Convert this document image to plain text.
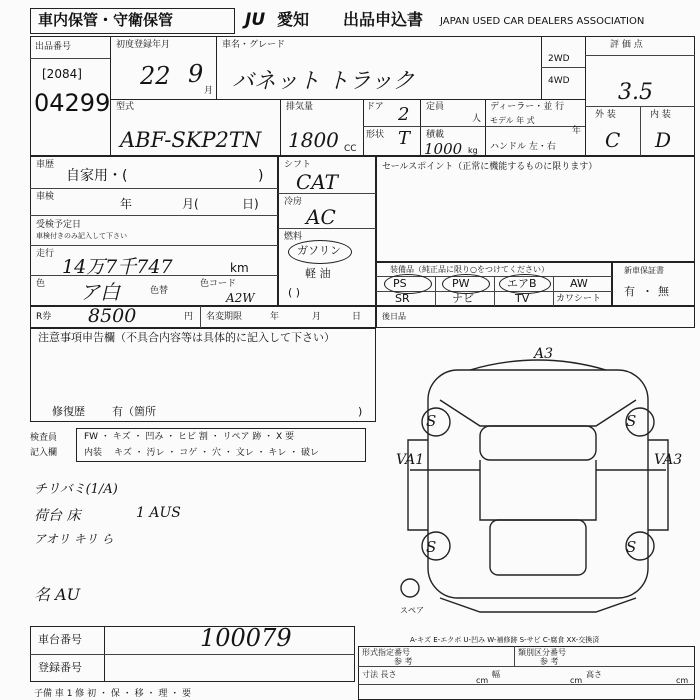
車内保管・守衛保管	JU 愛知 出品申込書 JAPAN USED CAR DEALERS ASSOCIATION
出品番号
[2084]
04299
初度登録年月
22 9
月
車名・グレード
バネット トラック
2WD
4WD
評 価 点
3.5
外 装	内 装
C D
型式
ABF-SKP2TN
排気量
1800 CC
ドア 2
形状 T
定員
人
積載
1000 kg
ディーラー・並 行
モデル 年 式
年
ハンドル 左・右
車歴
自家用・(	)
車検	年	月(	日)
受検予定日
車検付きのみ記入して下さい
走行
14万7千747	km
色 ア白	色替
色コード
A2W
シフト
CAT
冷房
AC
燃料
ガソリン
軽 油
( )
セールスポイント（正常に機能するものに限ります）
装備品（純正品に限り○をつけてください）
PS	PW	エアB	AW
SR	ナビ	TV	カワシート
新車保証書
有 ・ 無
R券 8500	円 名変期限	年	月	日	後日品
注意事項申告欄（不具合内容等は具体的に記入して下さい）
修復歴 有（箇所	)
検査員
記入欄
FW ・ キズ ・ 凹み ・ ヒビ 割 ・ リペア 跡 ・ X 要
内装 キズ ・ 汚レ ・ コゲ ・ 穴 ・ 文レ ・ キレ ・ 破レ
チリバミ(1/A)
荷台 床	1 AUS
アオリ キリ ら
名 AU
A3
VA1	VA3
S	S
S	S
スペア
A-キズ E-エクボ U-凹み W-補修跡 S-サビ C-腐食 XX-交換済
形式指定番号
参 考
類別区分番号
参 考
寸法 長さ	幅	高さ
cm	cm	cm
車台番号	100079
登録番号
子備 車 1 修 初 ・ 保 ・ 移 ・ 理 ・ 要
